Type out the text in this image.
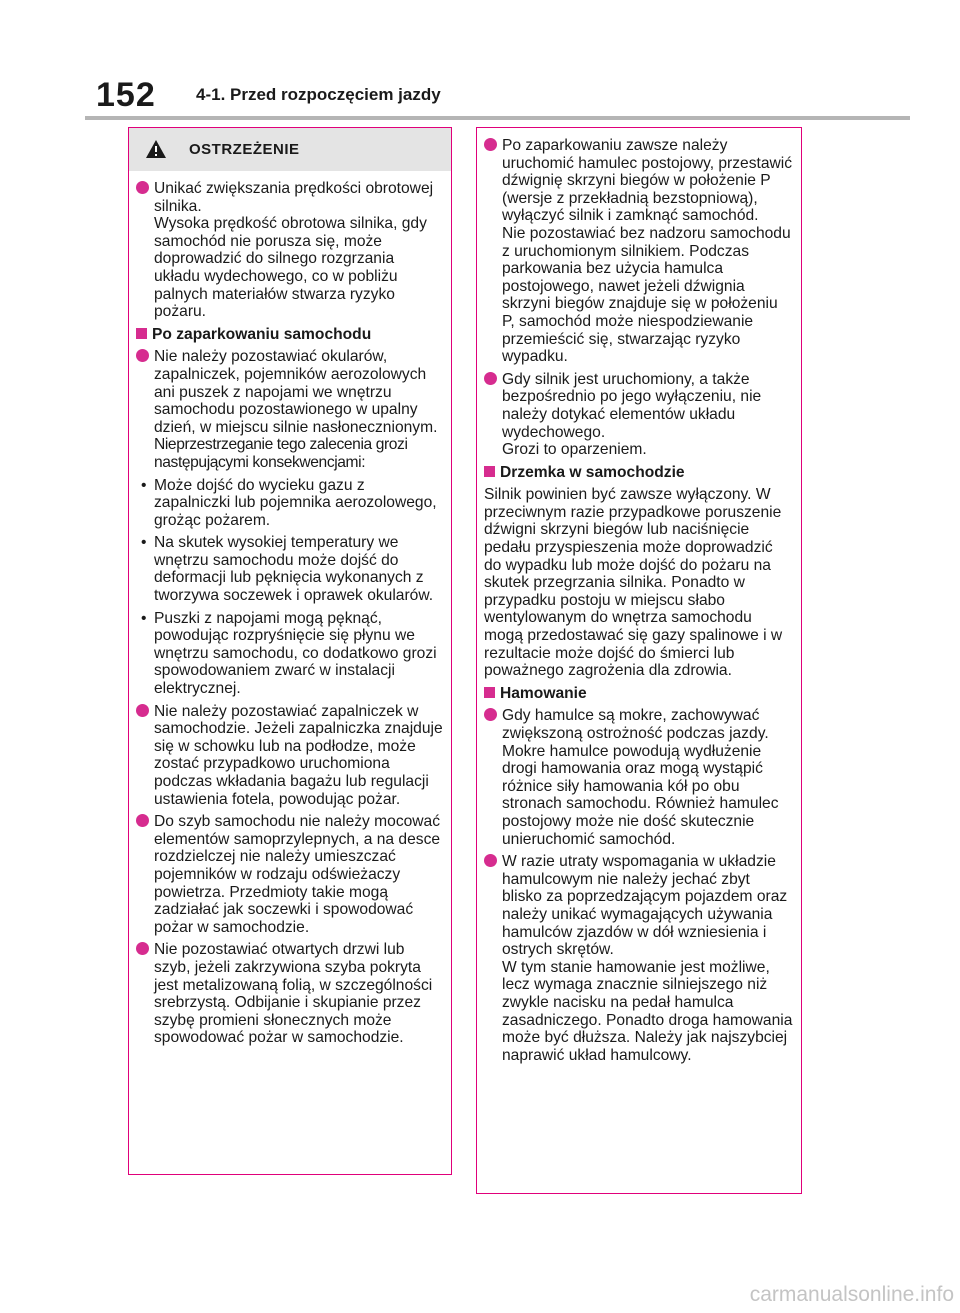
152 4-1. Przed rozpoczęciem jazdy
OSTRZEŻENIE
Unikać zwiększania prędkości obrotowej silnika.
Wysoka prędkość obrotowa silnika, gdy samochód nie porusza się, może doprowadzić do silnego rozgrzania układu wydechowego, co w pobliżu palnych materiałów stwarza ryzyko pożaru.
Po zaparkowaniu samochodu
Nie należy pozostawiać okularów, zapalniczek, pojemników aerozolowych ani puszek z napojami we wnętrzu samochodu pozostawionego w upalny dzień, w miejscu silnie nasłonecznionym.
Nieprzestrzeganie tego zalecenia grozi następującymi konsekwencjami:
• Może dojść do wycieku gazu z zapalniczki lub pojemnika aerozolowego, grożąc pożarem.
• Na skutek wysokiej temperatury we wnętrzu samochodu może dojść do deformacji lub pęknięcia wykonanych z tworzywa soczewek i oprawek okularów.
• Puszki z napojami mogą pęknąć, powodując rozpryśnięcie się płynu we wnętrzu samochodu, co dodatkowo grozi spowodowaniem zwarć w instalacji elektrycznej.
Nie należy pozostawiać zapalniczek w samochodzie. Jeżeli zapalniczka znajduje się w schowku lub na podłodze, może zostać przypadkowo uruchomiona podczas wkładania bagażu lub regulacji ustawienia fotela, powodując pożar.
Do szyb samochodu nie należy mocować elementów samoprzylepnych, a na desce rozdzielczej nie należy umieszczać pojemników w rodzaju odświeżaczy powietrza. Przedmioty takie mogą zadziałać jak soczewki i spowodować pożar w samochodzie.
Nie pozostawiać otwartych drzwi lub szyb, jeżeli zakrzywiona szyba pokryta jest metalizowaną folią, w szczególności srebrzystą. Odbijanie i skupianie przez szybę promieni słonecznych może spowodować pożar w samochodzie.
Po zaparkowaniu zawsze należy uruchomić hamulec postojowy, przestawić dźwignię skrzyni biegów w położenie P (wersje z przekładnią bezstopniową), wyłączyć silnik i zamknąć samochód.
Nie pozostawiać bez nadzoru samochodu z uruchomionym silnikiem. Podczas parkowania bez użycia hamulca postojowego, nawet jeżeli dźwignia skrzyni biegów znajduje się w położeniu P, samochód może niespodziewanie przemieścić się, stwarzając ryzyko wypadku.
Gdy silnik jest uruchomiony, a także bezpośrednio po jego wyłączeniu, nie należy dotykać elementów układu wydechowego.
Grozi to oparzeniem.
Drzemka w samochodzie
Silnik powinien być zawsze wyłączony. W przeciwnym razie przypadkowe poruszenie dźwigni skrzyni biegów lub naciśnięcie pedału przyspieszenia może doprowadzić do wypadku lub może dojść do pożaru na skutek przegrzania silnika. Ponadto w przypadku postoju w miejscu słabo wentylowanym do wnętrza samochodu mogą przedostawać się gazy spalinowe i w rezultacie może dojść do śmierci lub poważnego zagrożenia dla zdrowia.
Hamowanie
Gdy hamulce są mokre, zachowywać zwiększoną ostrożność podczas jazdy.
Mokre hamulce powodują wydłużenie drogi hamowania oraz mogą wystąpić różnice siły hamowania kół po obu stronach samochodu. Również hamulec postojowy może nie dość skutecznie unieruchomić samochód.
W razie utraty wspomagania w układzie hamulcowym nie należy jechać zbyt blisko za poprzedzającym pojazdem oraz należy unikać wymagających używania hamulców zjazdów w dół wzniesienia i ostrych skrętów.
W tym stanie hamowanie jest możliwe, lecz wymaga znacznie silniejszego niż zwykle nacisku na pedał hamulca zasadniczego. Ponadto droga hamowania może być dłuższa. Należy jak najszybciej naprawić układ hamulcowy.
carmanualsonline.info
